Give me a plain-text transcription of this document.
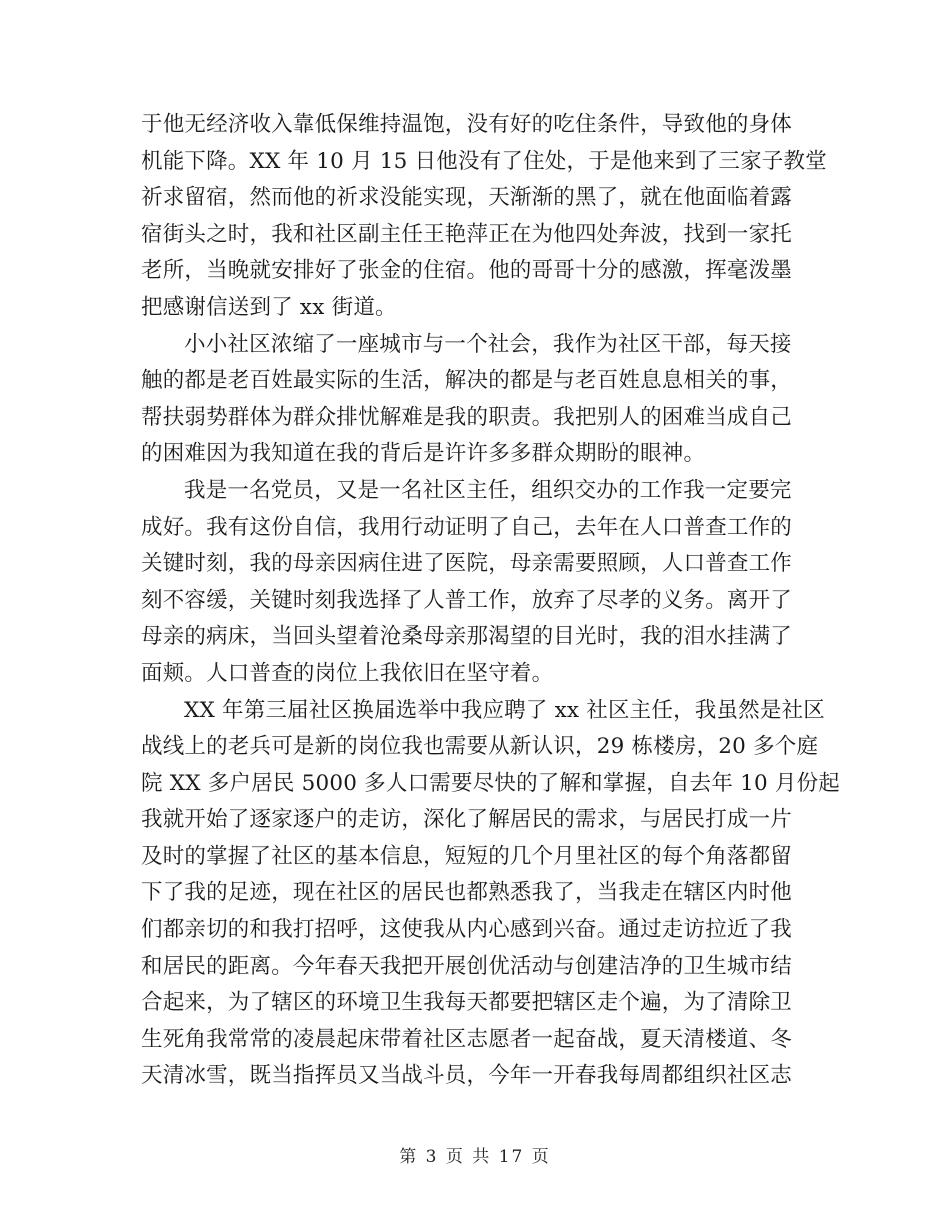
于他无经济收入靠低保维持温饱，没有好的吃住条件，导致他的身体
机能下降。XX 年 10 月 15 日他没有了住处，于是他来到了三家子教堂
祈求留宿，然而他的祈求没能实现，天渐渐的黑了，就在他面临着露
宿街头之时，我和社区副主任王艳萍正在为他四处奔波，找到一家托
老所，当晚就安排好了张金的住宿。他的哥哥十分的感激，挥毫泼墨
把感谢信送到了 xx 街道。
小小社区浓缩了一座城市与一个社会，我作为社区干部，每天接
触的都是老百姓最实际的生活，解决的都是与老百姓息息相关的事，
帮扶弱势群体为群众排忧解难是我的职责。我把别人的困难当成自己
的困难因为我知道在我的背后是许许多多群众期盼的眼神。
我是一名党员，又是一名社区主任，组织交办的工作我一定要完
成好。我有这份自信，我用行动证明了自己，去年在人口普查工作的
关键时刻，我的母亲因病住进了医院，母亲需要照顾，人口普查工作
刻不容缓，关键时刻我选择了人普工作，放弃了尽孝的义务。离开了
母亲的病床，当回头望着沧桑母亲那渴望的目光时，我的泪水挂满了
面颊。人口普查的岗位上我依旧在坚守着。
XX 年第三届社区换届选举中我应聘了 xx 社区主任，我虽然是社区
战线上的老兵可是新的岗位我也需要从新认识，29 栋楼房，20 多个庭
院 XX 多户居民 5000 多人口需要尽快的了解和掌握，自去年 10 月份起
我就开始了逐家逐户的走访，深化了解居民的需求，与居民打成一片
及时的掌握了社区的基本信息，短短的几个月里社区的每个角落都留
下了我的足迹，现在社区的居民也都熟悉我了，当我走在辖区内时他
们都亲切的和我打招呼，这使我从内心感到兴奋。通过走访拉近了我
和居民的距离。今年春天我把开展创优活动与创建洁净的卫生城市结
合起来，为了辖区的环境卫生我每天都要把辖区走个遍，为了清除卫
生死角我常常的凌晨起床带着社区志愿者一起奋战，夏天清楼道、冬
天清冰雪，既当指挥员又当战斗员，今年一开春我每周都组织社区志
第 3 页 共 17 页
